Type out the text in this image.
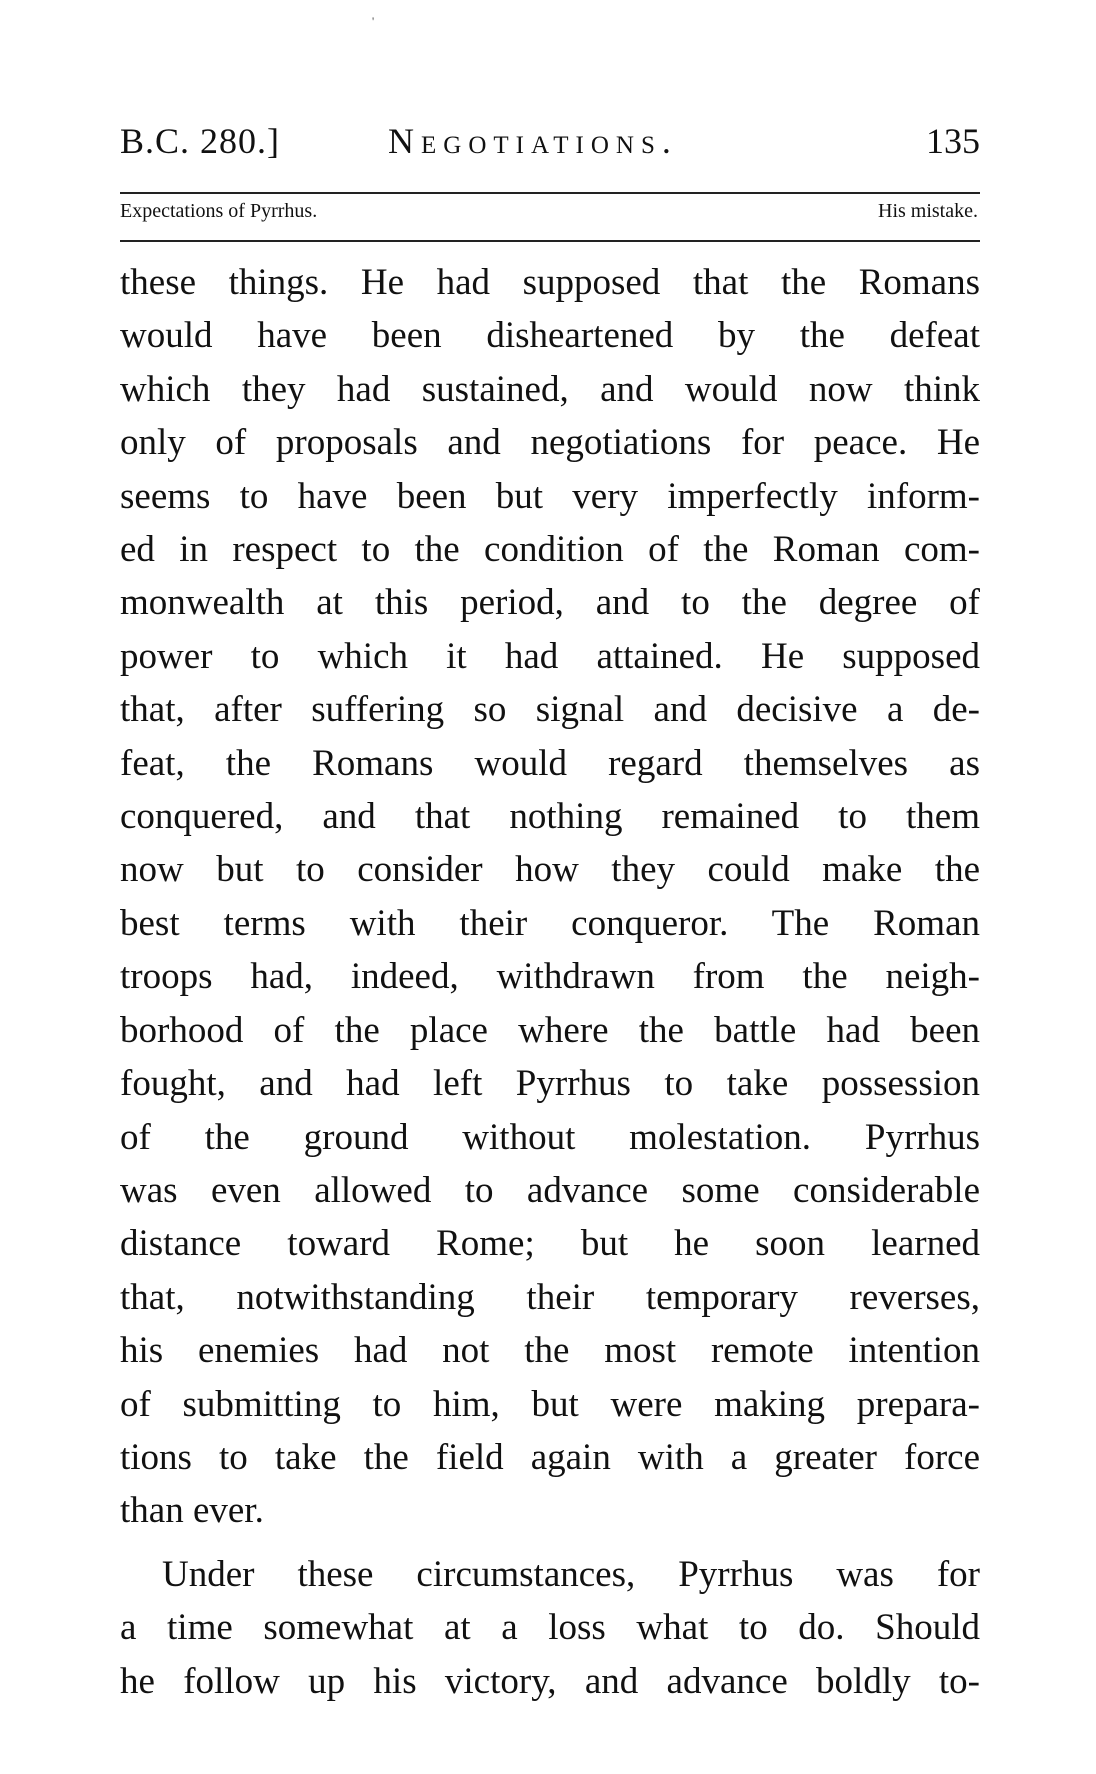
'
B.C. 280.]	Negotiations.	135
Expectations of Pyrrhus.	His mistake.
these things. He had supposed that the Romans
would have been disheartened by the defeat
which they had sustained, and would now think
only of proposals and negotiations for peace. He
seems to have been but very imperfectly inform-
ed in respect to the condition of the Roman com-
monwealth at this period, and to the degree of
power to which it had attained. He supposed
that, after suffering so signal and decisive a de-
feat, the Romans would regard themselves as
conquered, and that nothing remained to them
now but to consider how they could make the
best terms with their conqueror. The Roman
troops had, indeed, withdrawn from the neigh-
borhood of the place where the battle had been
fought, and had left Pyrrhus to take possession
of the ground without molestation. Pyrrhus
was even allowed to advance some considerable
distance toward Rome; but he soon learned
that, notwithstanding their temporary reverses,
his enemies had not the most remote intention
of submitting to him, but were making prepara-
tions to take the field again with a greater force
than ever.
Under these circumstances, Pyrrhus was for
a time somewhat at a loss what to do. Should
he follow up his victory, and advance boldly to-
